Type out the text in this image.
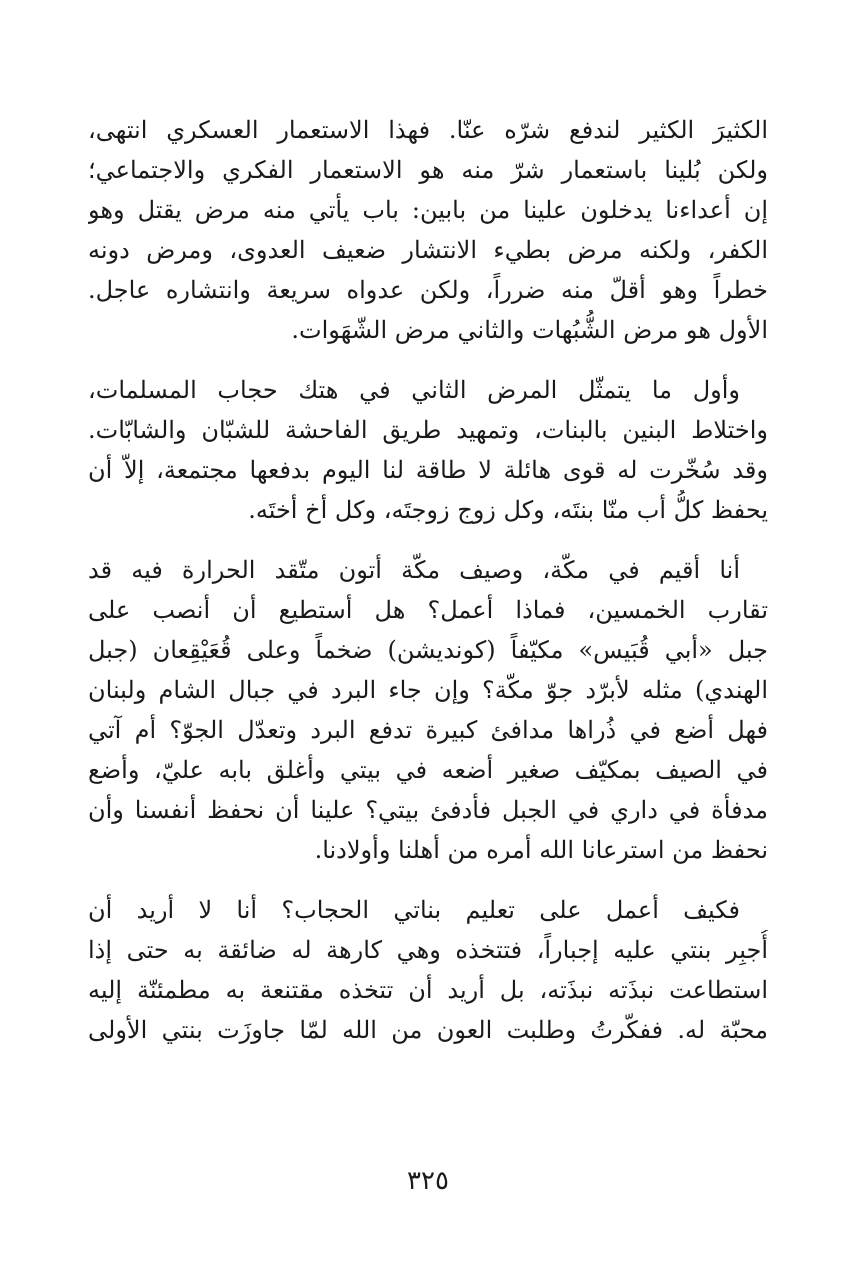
الكثيرَ الكثير لندفع شرّه عنّا. فهذا الاستعمار العسكري انتهى،
ولكن بُلينا باستعمار شرّ منه هو الاستعمار الفكري والاجتماعي؛
إن أعداءنا يدخلون علينا من بابين: باب يأتي منه مرض يقتل وهو
الكفر، ولكنه مرض بطيء الانتشار ضعيف العدوى، ومرض دونه
خطراً وهو أقلّ منه ضرراً، ولكن عدواه سريعة وانتشاره عاجل.
الأول هو مرض الشُّبُهات والثاني مرض الشّهَوات.
وأول ما يتمثّل المرض الثاني في هتك حجاب المسلمات،
واختلاط البنين بالبنات، وتمهيد طريق الفاحشة للشبّان والشابّات.
وقد سُخّرت له قوى هائلة لا طاقة لنا اليوم بدفعها مجتمعة، إلاّ أن
يحفظ كلُّ أب منّا بنتَه، وكل زوج زوجتَه، وكل أخ أختَه.
أنا أقيم في مكّة، وصيف مكّة أتون متّقد الحرارة فيه قد
تقارب الخمسين، فماذا أعمل؟ هل أستطيع أن أنصب على
جبل «أبي قُبَيس» مكيّفاً (كونديشن) ضخماً وعلى قُعَيْقِعان (جبل
الهندي) مثله لأبرّد جوّ مكّة؟ وإن جاء البرد في جبال الشام ولبنان
فهل أضع في ذُراها مدافئ كبيرة تدفع البرد وتعدّل الجوّ؟ أم آتي
في الصيف بمكيّف صغير أضعه في بيتي وأغلق بابه عليّ، وأضع
مدفأة في داري في الجبل فأدفئ بيتي؟ علينا أن نحفظ أنفسنا وأن
نحفظ من استرعانا الله أمره من أهلنا وأولادنا.
فكيف أعمل على تعليم بناتي الحجاب؟ أنا لا أريد أن
أُجبِر بنتي عليه إجباراً، فتتخذه وهي كارهة له ضائقة به حتى إذا
استطاعت نبذَته نبذَته، بل أريد أن تتخذه مقتنعة به مطمئنّة إليه
محبّة له. ففكّرتُ وطلبت العون من الله لمّا جاوزَت بنتي الأولى
٣٢٥
